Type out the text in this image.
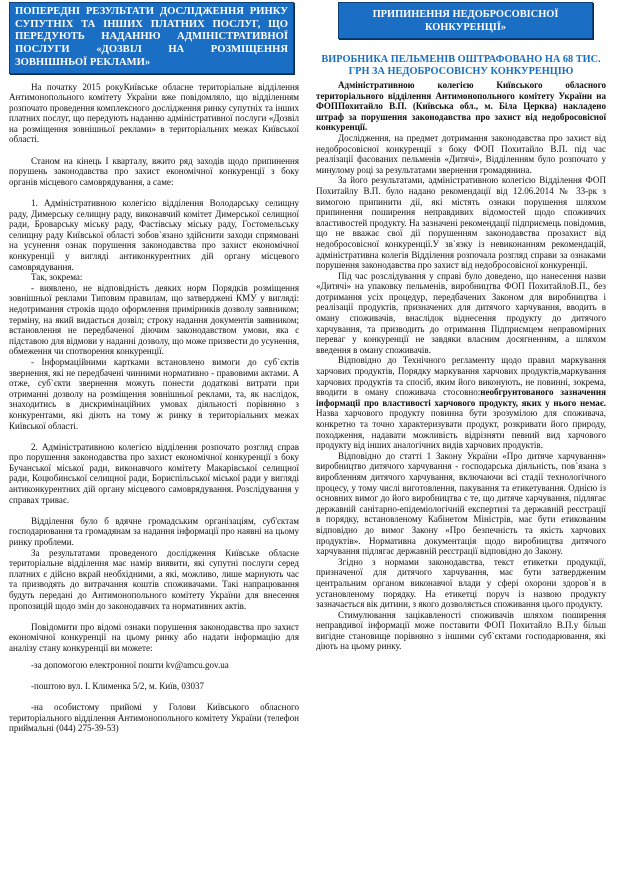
ПОПЕРЕДНІ РЕЗУЛЬТАТИ ДОСЛІДЖЕННЯ РИНКУ СУПУТНІХ ТА ІНШИХ ПЛАТНИХ ПОСЛУГ, ЩО ПЕРЕДУЮТЬ НАДАННЮ АДМІНІСТРАТИВНОЇ ПОСЛУГИ «ДОЗВІЛ НА РОЗМІЩЕННЯ ЗОВНІШНЬОЇ РЕКЛАМИ»

На початку 2015 рокуКиївське обласне територіальне відділення Антимонопольного комітету України вже повідомляло, що відділенням розпочато проведення комплексного дослідження ринку супутніх та інших платних послуг, що передують наданню адміністративної послуги «Дозвіл на розміщення зовнішньої реклами» в територіальних межах Київської області.

Станом на кінець І кварталу, вжито ряд заходів щодо припинення порушень законодавства про захист економічної конкуренції з боку органів місцевого самоврядування, а саме:

1. Адміністративною колегією відділення Володарську селищну раду, Димерську селищну раду, виконавчий комітет Димерської селищної ради, Броварську міську раду, Фастівську міську раду, Гостомельську селищну раду Київської області зобов`язано здійснити заходи спрямовані на усунення ознак порушення законодавства про захист економічної конкуренції у вигляді антиконкурентних дій органу місцевого самоврядування.

Так, зокрема:

- виявлено, не відповідність деяких норм Порядків розміщення зовнішньої реклами Типовим правилам, що затверджені КМУ у вигляді: недотримання строків щодо оформлення примірників дозволу заявником; терміну, на який видається дозвіл; строку надання документів заявником; встановлення не передбаченої діючим законодавством умови, яка є підставою для відмови у наданні дозволу, що може призвести до усунення, обмеження чи спотворення конкуренції.

- Інформаційними картками встановлено вимоги до суб`єктів звернення, які не передбачені чинними нормативно - правовими актами. А отже, суб`єкти звернення можуть понести додаткові витрати при отриманні дозволу на розміщення зовнішньої реклами, та, як наслідок, знаходитись в дискримінаційних умовах діяльності порівняно з конкурентами, які діють на тому ж ринку в територіальних межах Київської області.

2. Адміністративною колегією відділення розпочато розгляд справ про порушення законодавства про захист економічної конкуренції з боку Бучанської міської ради, виконавчого комітету Макарівської селищної ради, Коцюбинської селищної ради, Бориспільської міської ради у вигляді антиконкурентних дій органу місцевого самоврядування. Розслідування у справах триває.

Відділення було б вдячне громадським організаціям, суб'єктам господарювання та громадянам за надання інформації про наявні на цьому ринку проблеми.

За результатами проведеного дослідження Київське обласне територіальне відділення має намір виявити, які супутні послуги серед платних є дійсно вкрай необхідними, а які, можливо, лише марнують час та призводять до витрачання коштів споживачами. Такі напрацювання будуть передані до Антимонопольного комітету України для внесення пропозицій щодо змін до законодавчих та нормативних актів.

Повідомити про відомі ознаки порушення законодавства про захист економічної конкуренції на цьому ринку або надати інформацію для аналізу стану конкуренції ви можете:

-за допомогою електронної пошти kv@amcu.gov.ua

-поштою вул. І. Клименка 5/2, м. Київ, 03037

-на особистому прийомі у Голови Київського обласного територіального відділення Антимонопольного комітету України (телефон приймальні (044) 275-39-53)

ПРИПИНЕННЯ НЕДОБРОСОВІСНОЇ КОНКУРЕНЦІЇ»
ВИРОБНИКА ПЕЛЬМЕНІВ ОШТРАФОВАНО НА 68 ТИС. ГРН ЗА НЕДОБРОСОВІСНУ КОНКУРЕНЦІЮ

Адміністративною колегією Київського обласного територіального відділення Антимонопольного комітету України на ФОППохитайло В.П. (Київська обл., м. Біла Церква) накладено штраф за порушення законодавства про захист від недобросовісної конкуренції.

Дослідження, на предмет дотримання законодавства про захист від недобросовісної конкуренції з боку ФОП Похитайло В.П. під час реалізації фасованих пельменів «Дитячі», Відділенням було розпочато у минулому році за результатами звернення громадянина.

За його результатами, адміністративною колегією Відділення ФОП Похитайлу В.П. було надано рекомендації від 12.06.2014 № 33-рк з вимогою припинити дії, які містять ознаки порушення шляхом припинення поширення неправдивих відомостей щодо споживчих властивостей продукту. На зазначені рекомендації підприємець повідомив, що не вважає свої дії порушенням законодавства прозахист від недобросовісної конкуренції.У зв`язку із невиконанням рекомендацій, адміністративна колегія Відділення розпочала розгляд справи за ознаками порушення законодавства про захист від недобросовісної конкуренції.

Під час розслідування у справі було доведено, що нанесення назви «Дитячі» на упаковку пельменів, виробництва ФОП ПохитайлоВ.П., без дотримання усіх процедур, передбачених Законом для виробництва і реалізації продуктів, призначених для дитячого харчування, вводить в оману споживачів, внаслідок віднесення продукту до дитячого харчування, та призводить до отримання Підприємцем неправомірних переваг у конкуренції не завдяки власним досягненням, а шляхом введення в оману споживачів.

Відповідно до Технічного регламенту щодо правил маркування харчових продуктів, Порядку маркування харчових продуктів,маркування харчових продуктів та спосіб, яким його виконують, не повинні, зокрема, вводити в оману споживача стосовно:необгрунтованого зазначення інформації про властивості харчового продукту, яких у нього немає. Назва харчового продукту повинна бути зрозумілою для споживача, конкретно та точно характеризувати продукт, розкривати його природу, походження, надавати можливість відрізняти певний вид харчового продукту від інших аналогічних видів харчових продуктів.

Відповідно до статті 1 Закону України «Про дитяче харчування» виробництво дитячого харчування - господарська діяльність, пов`язана з виробленням дитячого харчування, включаючи всі стадії технологічного процесу, у тому числі виготовлення, пакування та етикетування. Однією із основних вимог до його виробництва є те, що дитяче харчування, підлягає державній санітарно-епідеміологічній експертизі та державній реєстрації в порядку, встановленому Кабінетом Міністрів, має бути етикованим відповідно до вимог Закону «Про безпечність та якість харчових продуктів». Нормативна документація щодо виробництва дитячого харчування підлягає державній реєстрації відповідно до Закону.

Згідно з нормами законодавства, текст етикетки продукції, призначеної для дитячого харчування, має бути затвердженим центральним органом виконавчої влади у сфері охорони здоров`я в установленому порядку. На етикетці поруч із назвою продукту зазначається вік дитини, з якого дозволяється споживання цього продукту.

Стимулювання зацікавленості споживачів шляхом поширення неправдивої інформації може поставити ФОП Похитайло В.П.у більш вигідне становище порівняно з іншими суб`єктами господарювання, які діють на цьому ринку.
